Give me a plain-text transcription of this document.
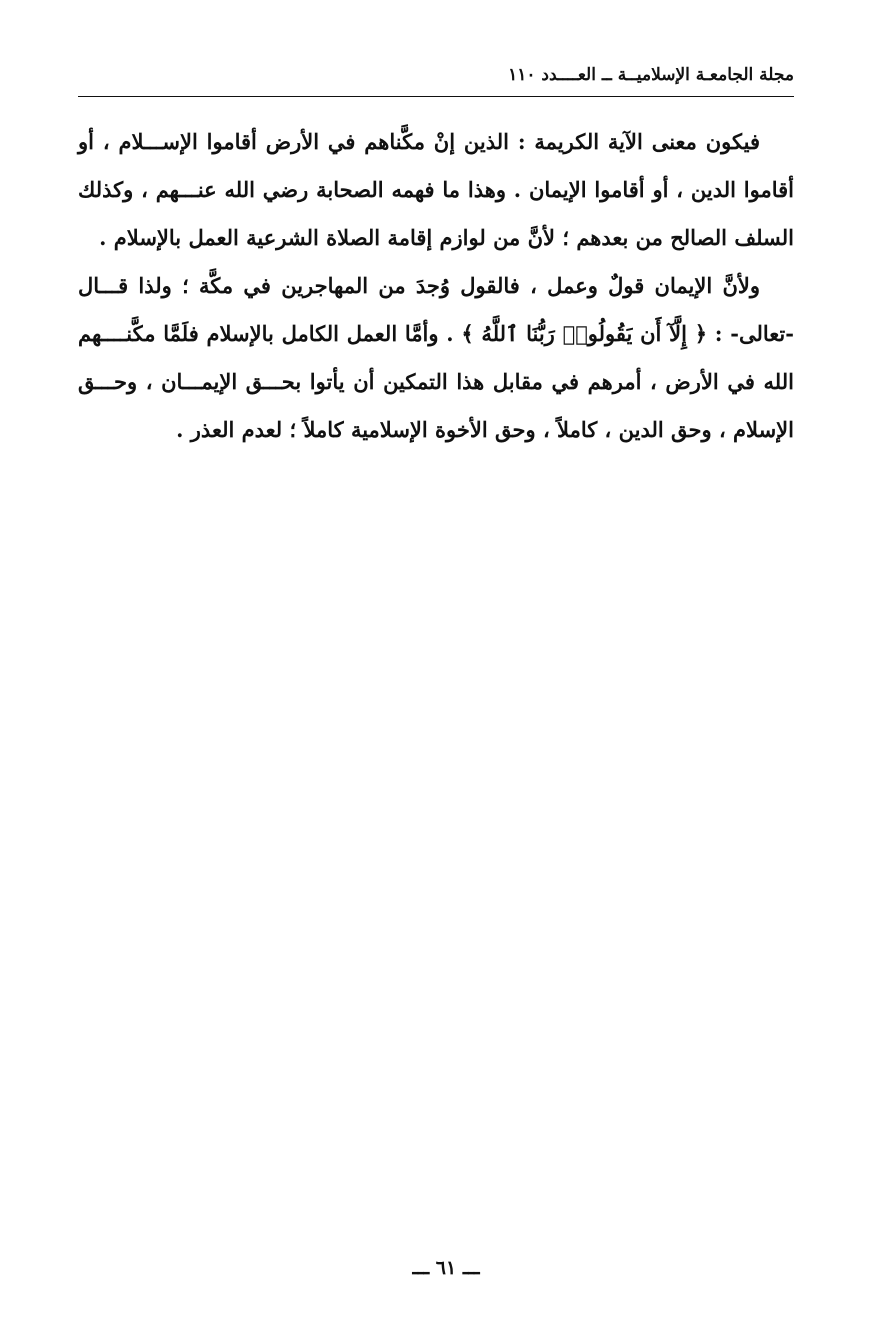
مجلة الجامعـة الإسلاميــة ــ العــــدد ١١٠

فيكون معنى الآية الكريمة : الذين إنْ مكَّناهم في الأرض أقاموا الإســـلام ، أو أقاموا الدين ، أو أقاموا الإيمان . وهذا ما فهمه الصحابة رضي الله عنـــهم ، وكذلك السلف الصالح من بعدهم ؛ لأنَّ من لوازم إقامة الصلاة الشرعية العمل بالإسلام .

ولأنَّ الإيمان قولٌ وعمل ، فالقول وُجدَ من المهاجرين في مكَّة ؛ ولذا قـــال -تعالى- : ﴿ إِلَّآ أَن يَقُولُوا۟ رَبُّنَا ٱللَّهُ ﴾ . وأمَّا العمل الكامل بالإسلام فلَمَّا مكَّنــــهم الله في الأرض ، أمرهم في مقابل هذا التمكين أن يأتوا بحـــق الإيمـــان ، وحـــق الإسلام ، وحق الدين ، كاملاً ، وحق الأخوة الإسلامية كاملاً ؛ لعدم العذر .

ـــ ٦١ ـــ
